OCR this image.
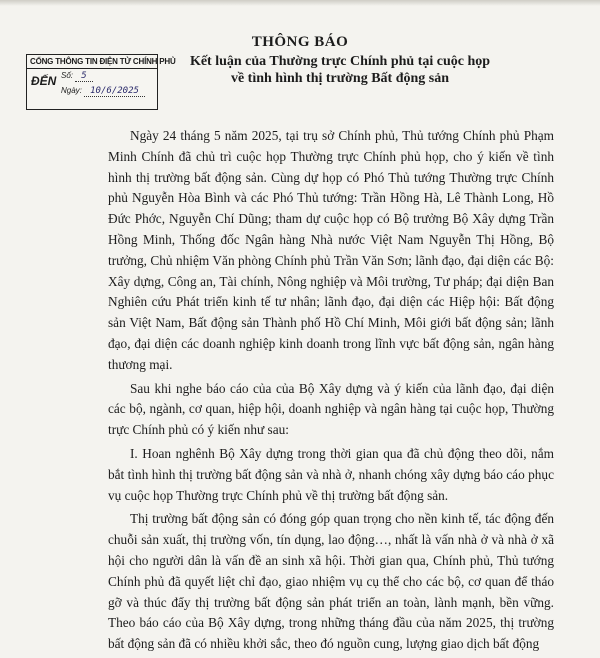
THÔNG BÁO
Kết luận của Thường trực Chính phủ tại cuộc họp
về tình hình thị trường Bất động sản
CỔNG THÔNG TIN ĐIỆN TỬ CHÍNH PHỦ
ĐẾN Số: 5
Ngày: 10/6/2025

Ngày 24 tháng 5 năm 2025, tại trụ sở Chính phủ, Thủ tướng Chính phủ Phạm Minh Chính đã chủ trì cuộc họp Thường trực Chính phủ họp, cho ý kiến về tình hình thị trường bất động sản. Cùng dự họp có Phó Thủ tướng Thường trực Chính phủ Nguyễn Hòa Bình và các Phó Thủ tướng: Trần Hồng Hà, Lê Thành Long, Hồ Đức Phớc, Nguyễn Chí Dũng; tham dự cuộc họp có Bộ trưởng Bộ Xây dựng Trần Hồng Minh, Thống đốc Ngân hàng Nhà nước Việt Nam Nguyễn Thị Hồng, Bộ trưởng, Chủ nhiệm Văn phòng Chính phủ Trần Văn Sơn; lãnh đạo, đại diện các Bộ: Xây dựng, Công an, Tài chính, Nông nghiệp và Môi trường, Tư pháp; đại diện Ban Nghiên cứu Phát triển kinh tế tư nhân; lãnh đạo, đại diện các Hiệp hội: Bất động sản Việt Nam, Bất động sản Thành phố Hồ Chí Minh, Môi giới bất động sản; lãnh đạo, đại diện các doanh nghiệp kinh doanh trong lĩnh vực bất động sản, ngân hàng thương mại.

Sau khi nghe báo cáo của của Bộ Xây dựng và ý kiến của lãnh đạo, đại diện các bộ, ngành, cơ quan, hiệp hội, doanh nghiệp và ngân hàng tại cuộc họp, Thường trực Chính phủ có ý kiến như sau:

I. Hoan nghênh Bộ Xây dựng trong thời gian qua đã chủ động theo dõi, nắm bắt tình hình thị trường bất động sản và nhà ở, nhanh chóng xây dựng báo cáo phục vụ cuộc họp Thường trực Chính phủ về thị trường bất động sản.

Thị trường bất động sản có đóng góp quan trọng cho nền kinh tế, tác động đến chuỗi sản xuất, thị trường vốn, tín dụng, lao động…, nhất là vấn nhà ở và nhà ở xã hội cho người dân là vấn đề an sinh xã hội. Thời gian qua, Chính phủ, Thủ tướng Chính phủ đã quyết liệt chỉ đạo, giao nhiệm vụ cụ thể cho các bộ, cơ quan để tháo gỡ và thúc đẩy thị trường bất động sản phát triển an toàn, lành mạnh, bền vững. Theo báo cáo của Bộ Xây dựng, trong những tháng đầu của năm 2025, thị trường bất động sản đã có nhiều khởi sắc, theo đó nguồn cung, lượng giao dịch bất động
